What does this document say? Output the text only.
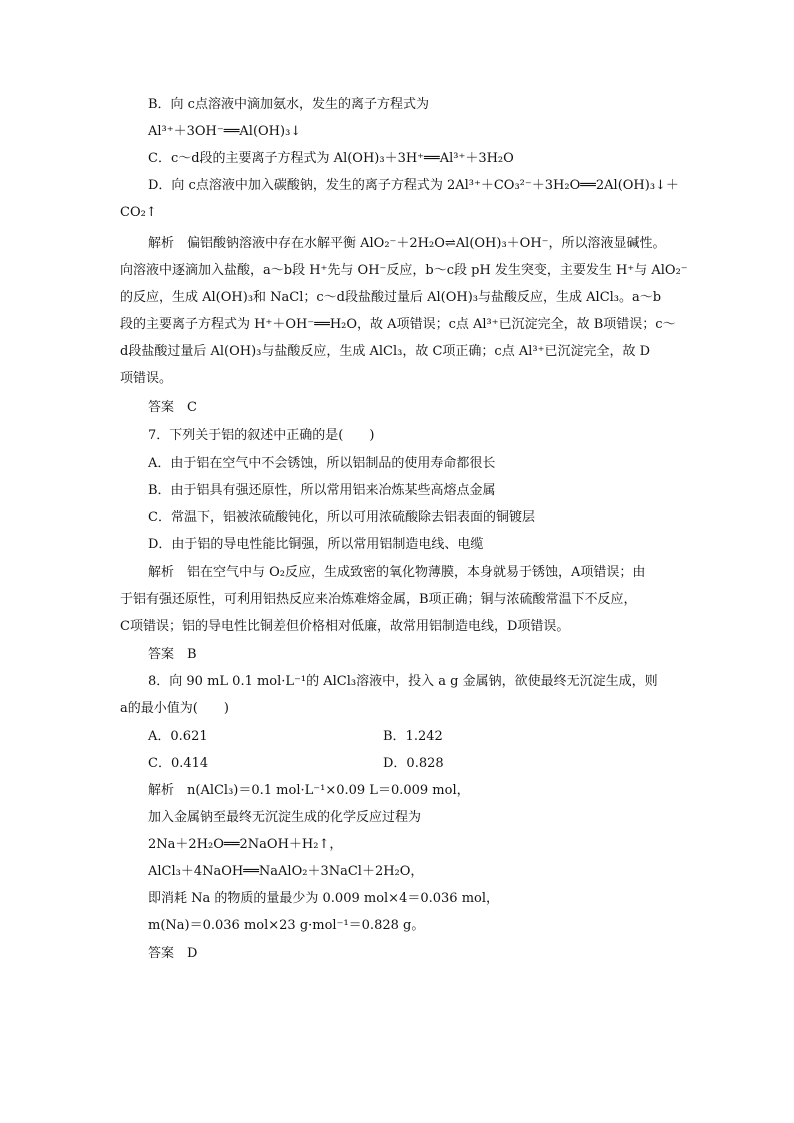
B．向 c点溶液中滴加氨水，发生的离子方程式为
Al³⁺＋3OH⁻══Al(OH)₃↓
C．c～d段的主要离子方程式为 Al(OH)₃＋3H⁺══Al³⁺＋3H₂O
D．向 c点溶液中加入碳酸钠，发生的离子方程式为 2Al³⁺＋CO₃²⁻＋3H₂O══2Al(OH)₃↓＋
CO₂↑
解析　偏铝酸钠溶液中存在水解平衡 AlO₂⁻＋2H₂O⇌Al(OH)₃＋OH⁻，所以溶液显碱性。
向溶液中逐滴加入盐酸，a～b段 H⁺先与 OH⁻反应，b～c段 pH 发生突变，主要发生 H⁺与 AlO₂⁻
的反应，生成 Al(OH)₃和 NaCl；c～d段盐酸过量后 Al(OH)₃与盐酸反应，生成 AlCl₃。a～b
段的主要离子方程式为 H⁺＋OH⁻══H₂O，故 A项错误；c点 Al³⁺已沉淀完全，故 B项错误；c～
d段盐酸过量后 Al(OH)₃与盐酸反应，生成 AlCl₃，故 C项正确；c点 Al³⁺已沉淀完全，故 D
项错误。
答案　C
7．下列关于铝的叙述中正确的是(　　)
A．由于铝在空气中不会锈蚀，所以铝制品的使用寿命都很长
B．由于铝具有强还原性，所以常用铝来冶炼某些高熔点金属
C．常温下，铝被浓硫酸钝化，所以可用浓硫酸除去铝表面的铜镀层
D．由于铝的导电性能比铜强，所以常用铝制造电线、电缆
解析　铝在空气中与 O₂反应，生成致密的氧化物薄膜，本身就易于锈蚀，A项错误；由
于铝有强还原性，可利用铝热反应来冶炼难熔金属，B项正确；铜与浓硫酸常温下不反应，
C项错误；铝的导电性比铜差但价格相对低廉，故常用铝制造电线，D项错误。
答案　B
8．向 90 mL 0.1 mol·L⁻¹的 AlCl₃溶液中，投入 a g 金属钠，欲使最终无沉淀生成，则
a的最小值为(　　)
A．0.621	B．1.242
C．0.414	D．0.828
解析　n(AlCl₃)＝0.1 mol·L⁻¹×0.09 L＝0.009 mol，
加入金属钠至最终无沉淀生成的化学反应过程为
2Na＋2H₂O══2NaOH＋H₂↑，
AlCl₃＋4NaOH══NaAlO₂＋3NaCl＋2H₂O，
即消耗 Na 的物质的量最少为 0.009 mol×4＝0.036 mol，
m(Na)＝0.036 mol×23 g·mol⁻¹＝0.828 g。
答案　D
